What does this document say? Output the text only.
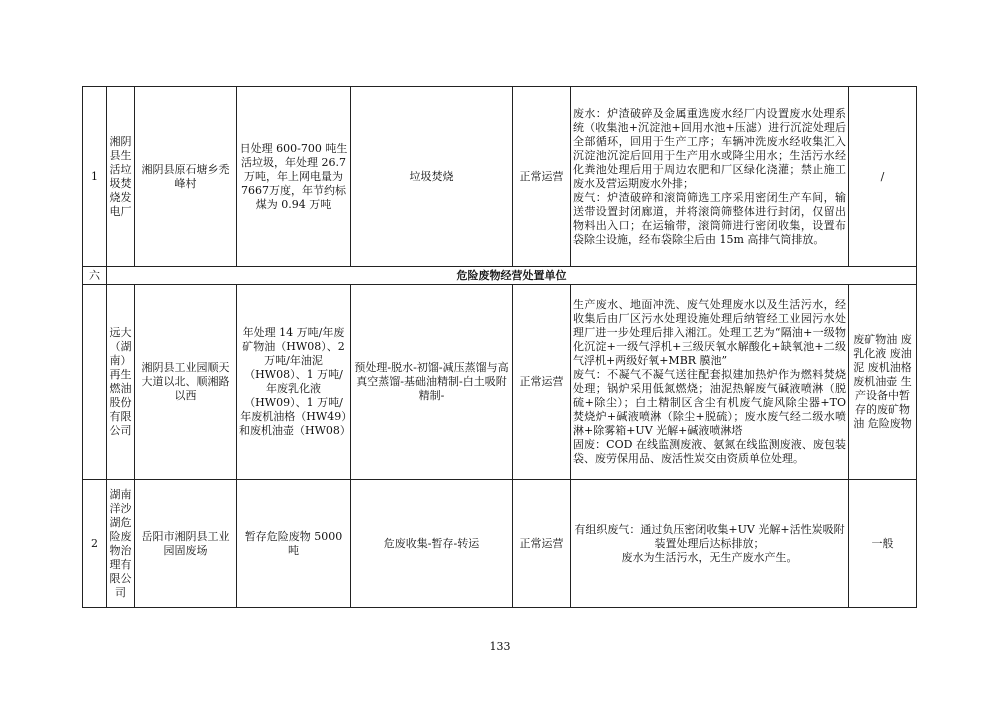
1	湘阴县生活垃圾焚烧发电厂	湘阴县原石塘乡禿峰村	日处理 600-700 吨生活垃圾，年处理 26.7万吨，年上网电量为7667万度，年节约标煤为 0.94 万吨	垃圾焚烧	正常运营	废水：炉渣破碎及金属重选废水经厂内设置废水处理系统（收集池+沉淀池+回用水池+压滤）进行沉淀处理后全部循环，回用于生产工序；车辆冲洗废水经收集汇入沉淀池沉淀后回用于生产用水或降尘用水；生活污水经化粪池处理后用于周边农肥和厂区绿化浇灌；禁止施工废水及营运期废水外排；
废气：炉渣破碎和滚筒筛选工序采用密闭生产车间，输送带设置封闭廊道，并将滚筒筛整体进行封闭，仅留出物料出入口；在运输带，滚筒筛进行密闭收集，设置布袋除尘设施，经布袋除尘后由 15m 高排气筒排放。	/
六	危险废物经营处置单位						
	远大（湖南）再生燃油股份有限公司	湘阴县工业园顺天大道以北、顺湘路以西	年处理 14 万吨/年废矿物油（HW08）、2 万吨/年油泥（HW08）、1 万吨/年废乳化液（HW09）、1 万吨/年废机油格（HW49）和废机油壶（HW08）	预处理-脱水-初馏-减压蒸馏与高真空蒸馏-基础油精制-白土吸附精制-	正常运营	生产废水、地面冲洗、废气处理废水以及生活污水，经收集后由厂区污水处理设施处理后纳管经工业园污水处理厂进一步处理后排入湘江。处理工艺为“隔油+一级物化沉淀+一级气浮机+三级厌氧水解酸化+缺氧池+二级气浮机+两级好氧+MBR 膜池”
废气：不凝气不凝气送往配套拟建加热炉作为燃料焚烧处理；锅炉采用低氮燃烧；油泥热解废气碱液喷淋（脱硫+除尘）；白土精制区含尘有机废气旋风除尘器+TO 焚烧炉+碱液喷淋（除尘+脱硫）；废水废气经二级水喷淋+除雾箱+UV 光解+碱液喷淋塔
固废：COD 在线监测废液、氨氮在线监测废液、废包装袋、废劳保用品、废活性炭交由资质单位处理。	废矿物油 废乳化液 废油泥 废机油格 废机油壶 生产设备中暂存的废矿物油 危险废物
2	湖南洋沙湖危险废物治理有限公司	岳阳市湘阴县工业园固废场	暂存危险废物 5000 吨	危废收集-暂存-转运	正常运营	有组织废气：通过负压密闭收集+UV 光解+活性炭吸附装置处理后达标排放；
废水为生活污水，无生产废水产生。	一般
133
